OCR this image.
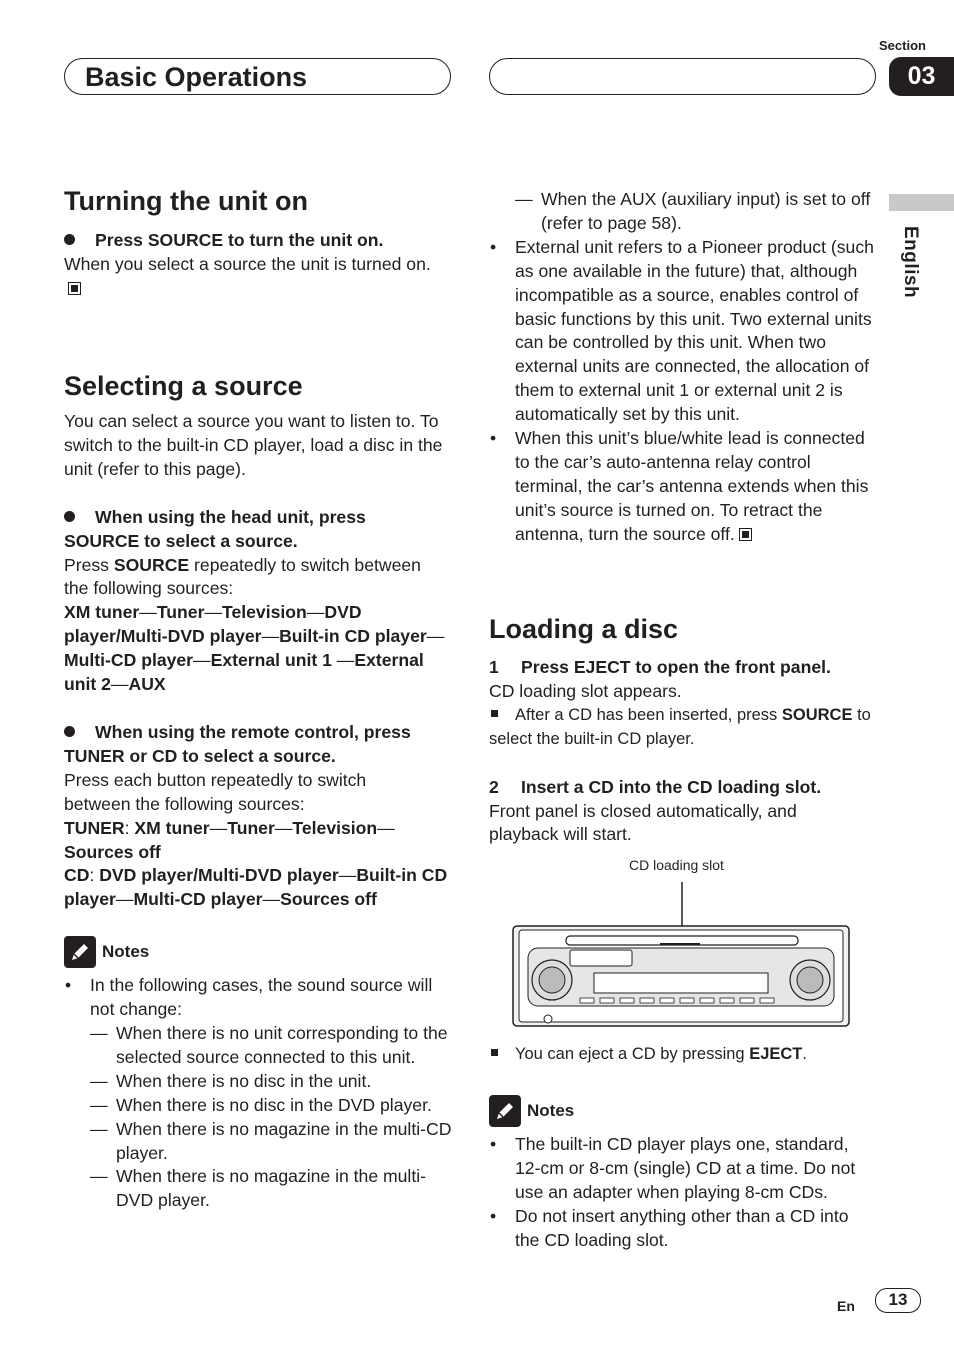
Basic Operations
Section
03
English
Turning the unit on

Press SOURCE to turn the unit on.

When you select a source the unit is turned on.

Selecting a source

You can select a source you want to listen to. To switch to the built-in CD player, load a disc in the unit (refer to this page).

When using the head unit, press

SOURCE to select a source.

Press SOURCE repeatedly to switch between the following sources:

XM tuner—Tuner—Television—DVD player/Multi-DVD player—Built-in CD player—Multi-CD player—External unit 1 —External unit 2—AUX

When using the remote control, press

TUNER or CD to select a source.

Press each button repeatedly to switch between the following sources:

TUNER: XM tuner—Tuner—Television—
Sources off

CD: DVD player/Multi-DVD player—Built-in CD player—Multi-CD player—Sources off

Notes
• In the following cases, the sound source will not change:
— When there is no unit corresponding to the selected source connected to this unit.
— When there is no disc in the unit.
— When there is no disc in the DVD player.
— When there is no magazine in the multi-CD player.
— When there is no magazine in the multi-DVD player.
— When the AUX (auxiliary input) is set to off (refer to page 58).
• External unit refers to a Pioneer product (such as one available in the future) that, although incompatible as a source, enables control of basic functions by this unit. Two external units can be controlled by this unit. When two external units are connected, the allocation of them to external unit 1 or external unit 2 is automatically set by this unit.
• When this unit’s blue/white lead is connected to the car’s auto-antenna relay control terminal, the car’s antenna extends when this unit’s source is turned on. To retract the antenna, turn the source off.
Loading a disc

1 Press EJECT to open the front panel.

CD loading slot appears.

After a CD has been inserted, press SOURCE to select the built-in CD player.

2 Insert a CD into the CD loading slot.

Front panel is closed automatically, and playback will start.

CD loading slot

You can eject a CD by pressing EJECT.

Notes
• The built-in CD player plays one, standard, 12-cm or 8-cm (single) CD at a time. Do not use an adapter when playing 8-cm CDs.
• Do not insert anything other than a CD into the CD loading slot.
En	13
